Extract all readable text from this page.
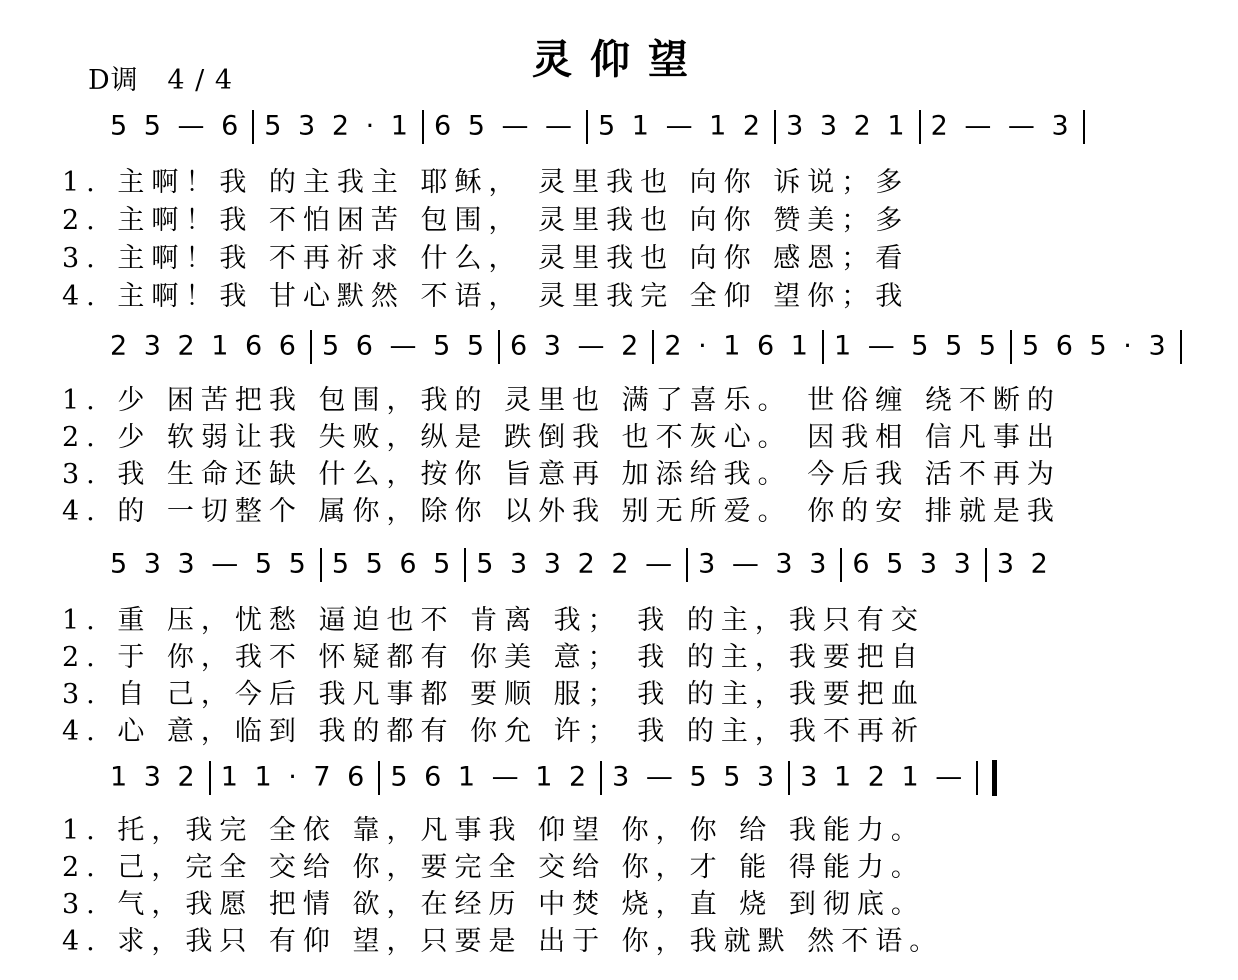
灵仰望
D调 4 / 4
5 5 — 6 5 3 2 · 1 6 5 — — 5 1 — 1 2 3 3 2 1 2 — — 3
1. 主啊！我 的主我主 耶稣， 灵里我也 向你 诉说；多
2. 主啊！我 不怕困苦 包围， 灵里我也 向你 赞美；多
3. 主啊！我 不再祈求 什么， 灵里我也 向你 感恩；看
4. 主啊！我 甘心默然 不语， 灵里我完 全仰 望你；我
2 3 2 1 6 6 5 6 — 5 5 6 3 — 2 2 · 1 6 1 1 — 5 5 5 5 6 5 · 3
1. 少 困苦把我 包围，我的 灵里也 满了喜乐。 世俗缠 绕不断的
2. 少 软弱让我 失败，纵是 跌倒我 也不灰心。 因我相 信凡事出
3. 我 生命还缺 什么，按你 旨意再 加添给我。 今后我 活不再为
4. 的 一切整个 属你，除你 以外我 别无所爱。 你的安 排就是我
5 3 3 — 5 5 5 5 6 5 5 3 3 2 2 — 3 — 3 3 6 5 3 3 3 2
1. 重 压，忧愁 逼迫也不 肯离 我； 我 的主，我只有交
2. 于 你，我不 怀疑都有 你美 意； 我 的主，我要把自
3. 自 己，今后 我凡事都 要顺 服； 我 的主，我要把血
4. 心 意，临到 我的都有 你允 许； 我 的主，我不再祈
1 3 2 1 1 · 7 6 5 6 1 — 1 2 3 — 5 5 3 3 1 2 1 —
1. 托，我完 全依 靠，凡事我 仰望 你，你 给 我能力。
2. 己，完全 交给 你，要完全 交给 你，才 能 得能力。
3. 气，我愿 把情 欲，在经历 中焚 烧，直 烧 到彻底。
4. 求，我只 有仰 望，只要是 出于 你，我就默 然不语。
